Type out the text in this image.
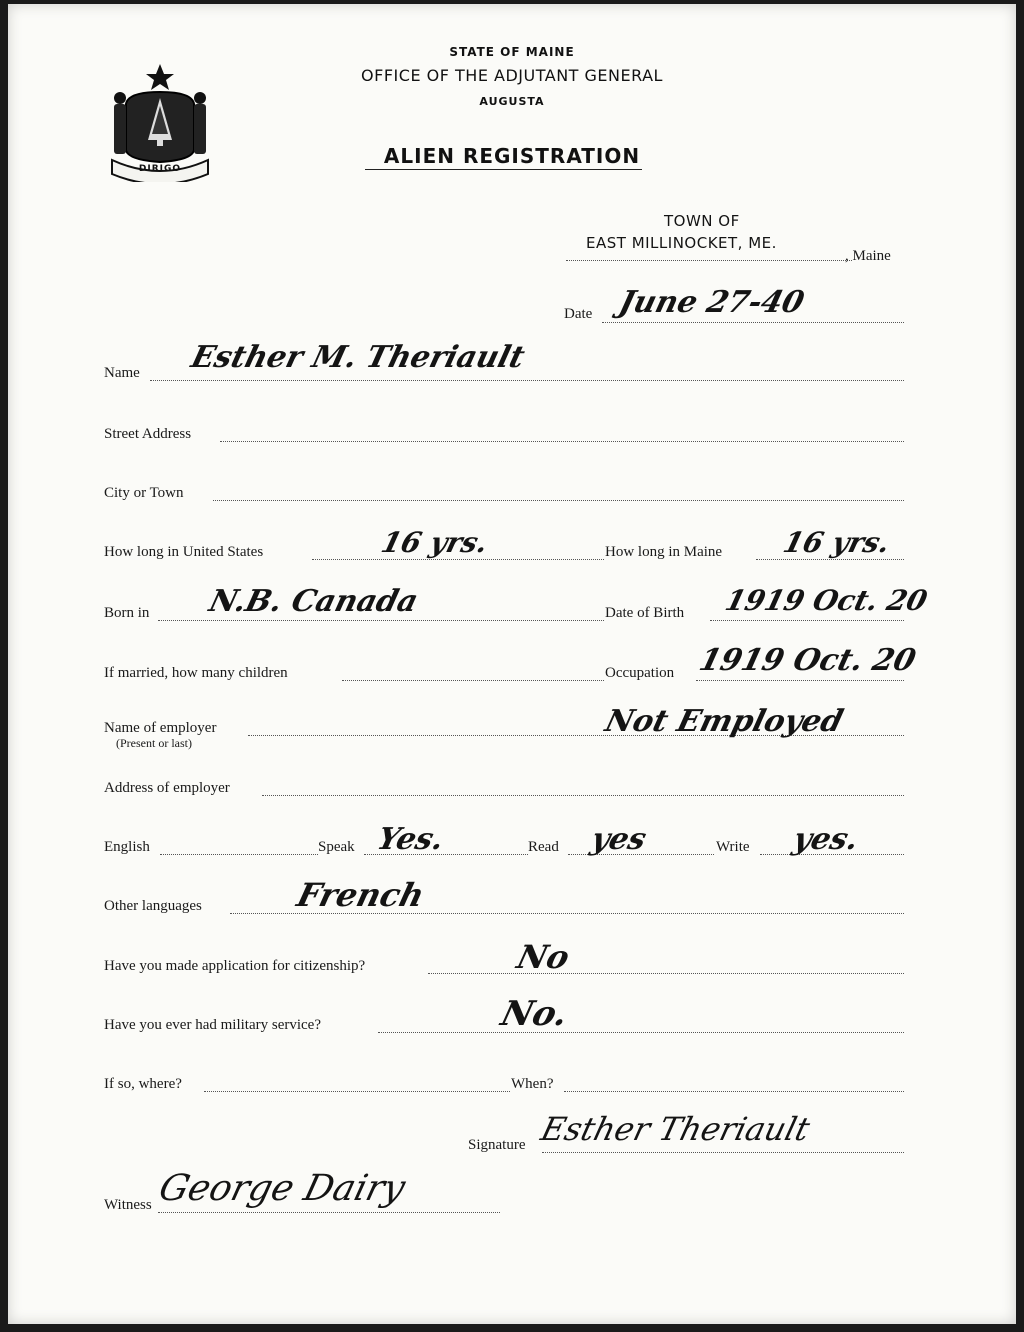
DIRIGO
STATE OF MAINE
OFFICE OF THE ADJUTANT GENERAL
AUGUSTA
ALIEN REGISTRATION
TOWN OF
EAST MILLINOCKET, ME.
, Maine
Date June 27-40
Name Esther M. Theriault
Street Address
City or Town
How long in United States	16 yrs.	How long in Maine 16 yrs.
Born in N.B. Canada	Date of Birth 1919 Oct. 20
If married, how many children	Occupation 1919 Oct. 20
Name of employer
(Present or last)
Not Employed
Address of employer
English	Speak Yes.	Read yes	Write yes.
Other languages	French
Have you made application for citizenship?	No
Have you ever had military service?	No.
If so, where?	When?
Signature Esther Theriault
Witness George Dairy
